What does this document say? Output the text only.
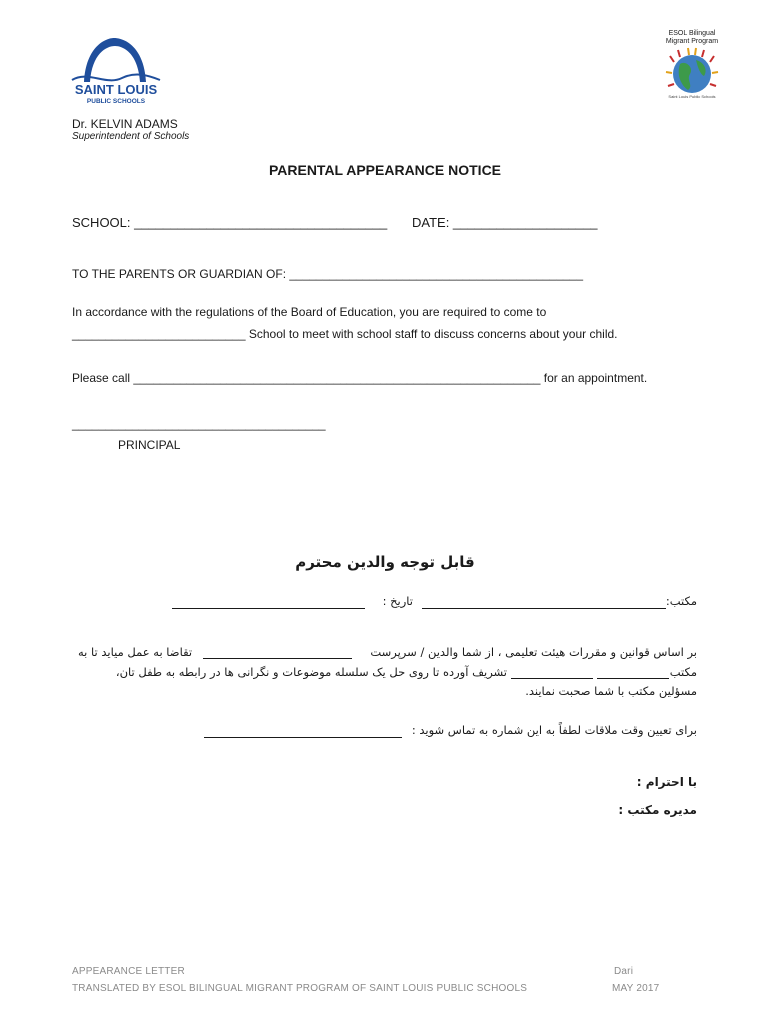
SAINT LOUIS
PUBLIC SCHOOLS
ESOL Bilingual Migrant Program
Saint Louis Public Schools
Dr. KELVIN ADAMS
Superintendent of Schools
PARENTAL APPEARANCE NOTICE
SCHOOL: ___________________________________ DATE: ____________________
TO THE PARENTS OR GUARDIAN OF: ____________________________________________
In accordance with the regulations of the Board of Education, you are required to come to
__________________________ School to meet with school staff to discuss concerns about your child.
Please call _____________________________________________________________ for an appointment.
______________________________________
PRINCIPAL
قابل توجه والدین محترم
مکتب:
تاریخ :
بر اساس قوانین و مقررات هیئت تعلیمی ، از شما والدین / سرپرست
تقاضا به عمل میاید تا به
مکتب
تشریف آورده تا روی حل یک سلسله موضوعات و نگرانی ها در رابطه به طفل تان،
مسؤلین مکتب با شما صحبت نمایند.
برای تعیین وقت ملاقات لطفاً به این شماره به تماس شوید :
با احترام :
مدیره مکتب :
APPEARANCE LETTER
TRANSLATED BY ESOL BILINGUAL MIGRANT PROGRAM OF SAINT LOUIS PUBLIC SCHOOLS
Dari
MAY 2017
